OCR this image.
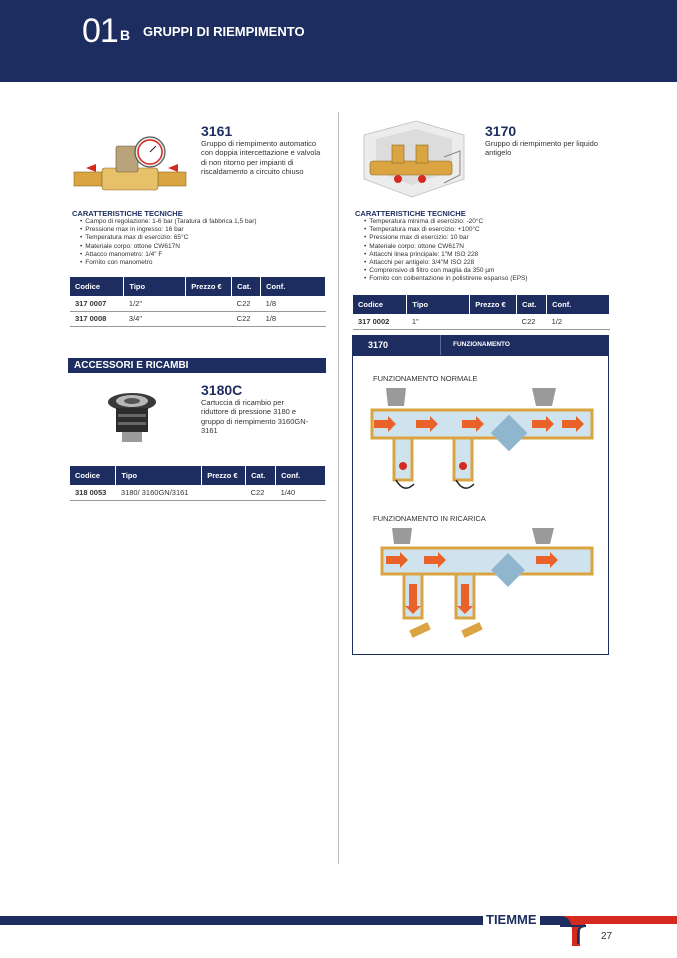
01 B GRUPPI DI RIEMPIMENTO
3161
Gruppo di riempimento automatico con doppia intercettazione e valvola di non ritorno per impianti di riscaldamento a circuito chiuso
CARATTERISTICHE TECNICHE
• Campo di regolazione: 1-6 bar (Taratura di fabbrica 1,5 bar)
• Pressione max in ingresso: 16 bar
• Temperatura max di esercizio: 65°C
• Materiale corpo: ottone CW617N
• Attacco manometro: 1/4" F
• Fornito con manometro
Codice	Tipo	Prezzo €	Cat.	Conf.
317 0007	1/2"		C22	1/8
317 0008	3/4"		C22	1/8
ACCESSORI E RICAMBI
3180C
Cartuccia di ricambio per riduttore di pressione 3180 e gruppo di riempimento 3160GN-3161
Codice	Tipo	Prezzo €	Cat.	Conf.
318 0053	3180/ 3160GN/3161		C22	1/40
3170
Gruppo di riempimento per liquido antigelo
CARATTERISTICHE TECNICHE
• Temperatura minima di esercizio: -20°C
• Temperatura max di esercizio: +100°C
• Pressione max di esercizio: 10 bar
• Materiale corpo: ottone CW617N
• Attacchi linea principale: 1"M ISO 228
• Attacchi per antigelo: 3/4"M ISO 228
• Comprensivo di filtro con maglia da 350 µm
• Fornito con coibentazione in polistirene espanso (EPS)
Codice	Tipo	Prezzo €	Cat.	Conf.
317 0002	1"		C22	1/2
3170	FUNZIONAMENTO
FUNZIONAMENTO NORMALE
FUNZIONAMENTO IN RICARICA
TIEMME
27
